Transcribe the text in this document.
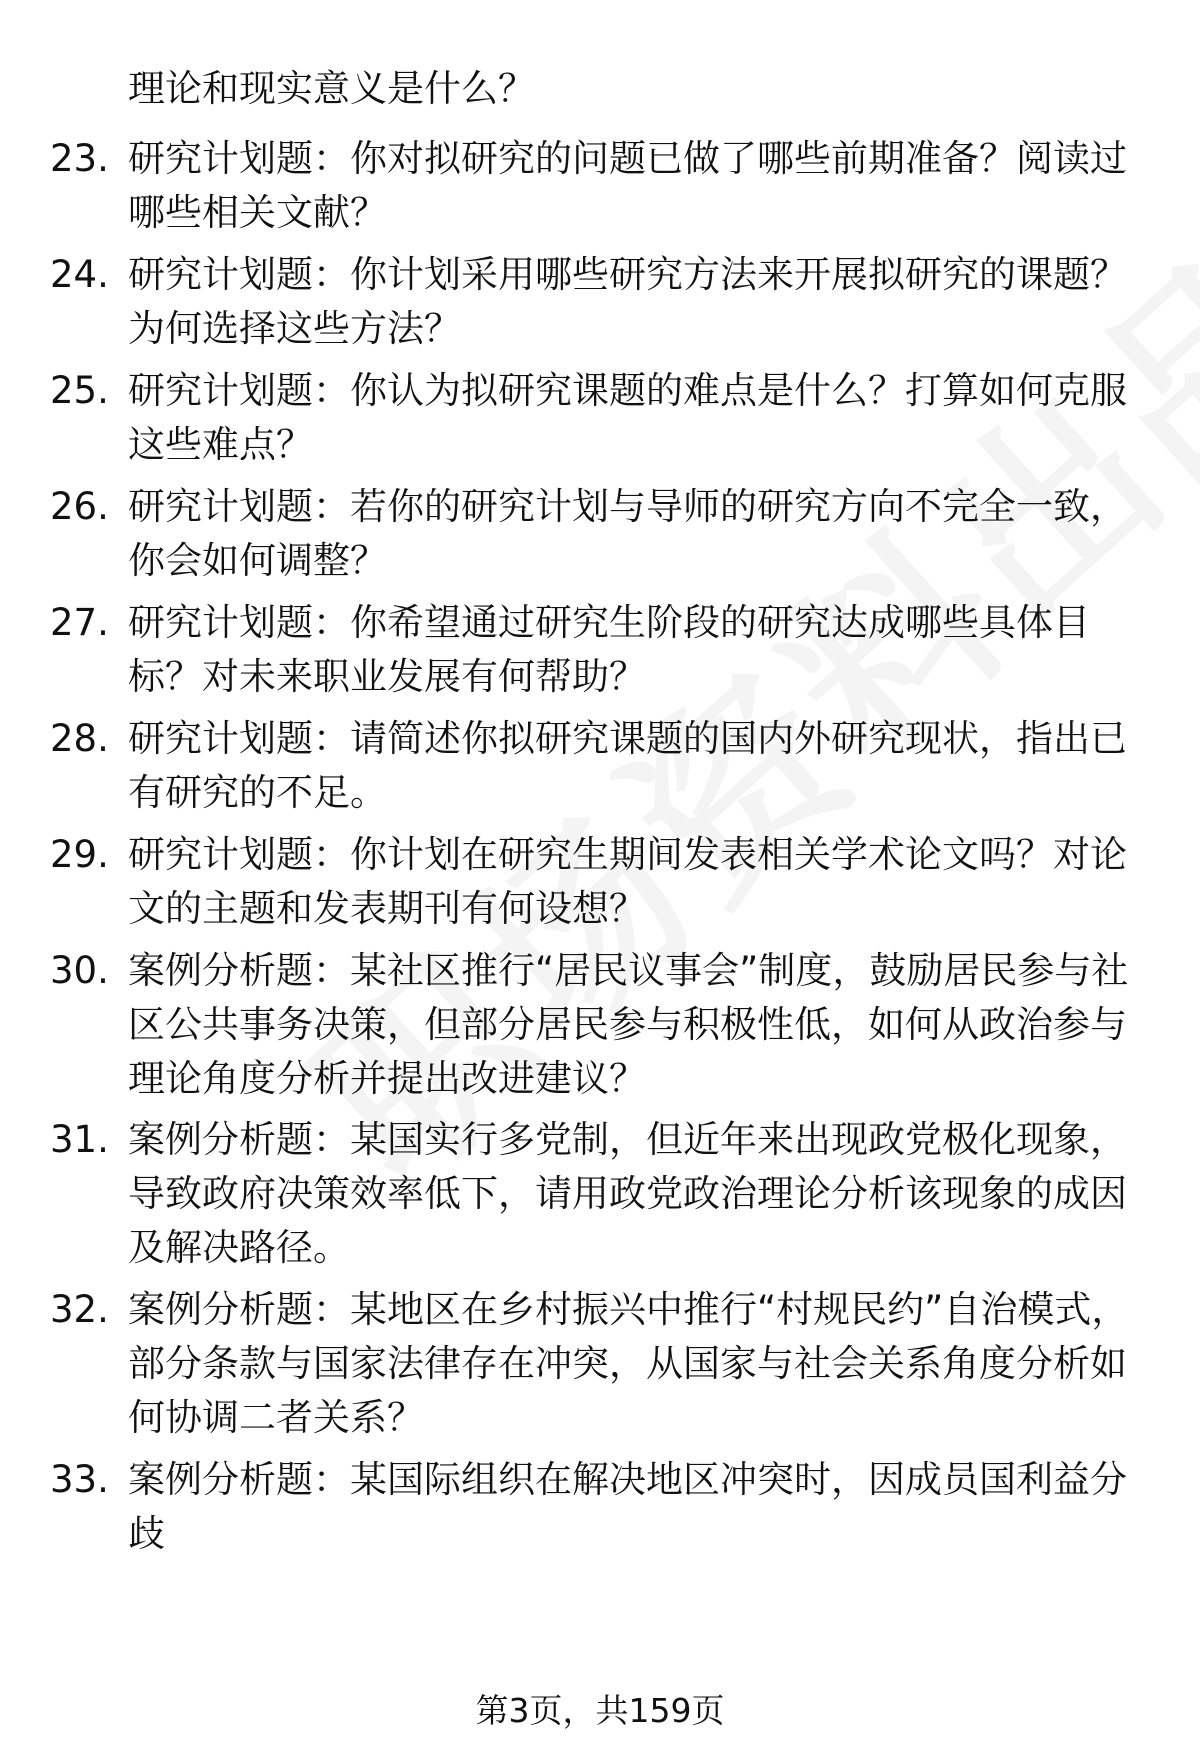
理论和现实意义是什么？
23. 研究计划题：你对拟研究的问题已做了哪些前期准备？阅读过哪些相关文献？
24. 研究计划题：你计划采用哪些研究方法来开展拟研究的课题？为何选择这些方法？
25. 研究计划题：你认为拟研究课题的难点是什么？打算如何克服这些难点？
26. 研究计划题：若你的研究计划与导师的研究方向不完全一致，你会如何调整？
27. 研究计划题：你希望通过研究生阶段的研究达成哪些具体目标？对未来职业发展有何帮助？
28. 研究计划题：请简述你拟研究课题的国内外研究现状，指出已有研究的不足。
29. 研究计划题：你计划在研究生期间发表相关学术论文吗？对论文的主题和发表期刊有何设想？
30. 案例分析题：某社区推行“居民议事会”制度，鼓励居民参与社区公共事务决策，但部分居民参与积极性低，如何从政治参与理论角度分析并提出改进建议？
31. 案例分析题：某国实行多党制，但近年来出现政党极化现象，导致政府决策效率低下，请用政党政治理论分析该现象的成因及解决路径。
32. 案例分析题：某地区在乡村振兴中推行“村规民约”自治模式，部分条款与国家法律存在冲突，从国家与社会关系角度分析如何协调二者关系？
33. 案例分析题：某国际组织在解决地区冲突时，因成员国利益分歧
第3页，共159页
